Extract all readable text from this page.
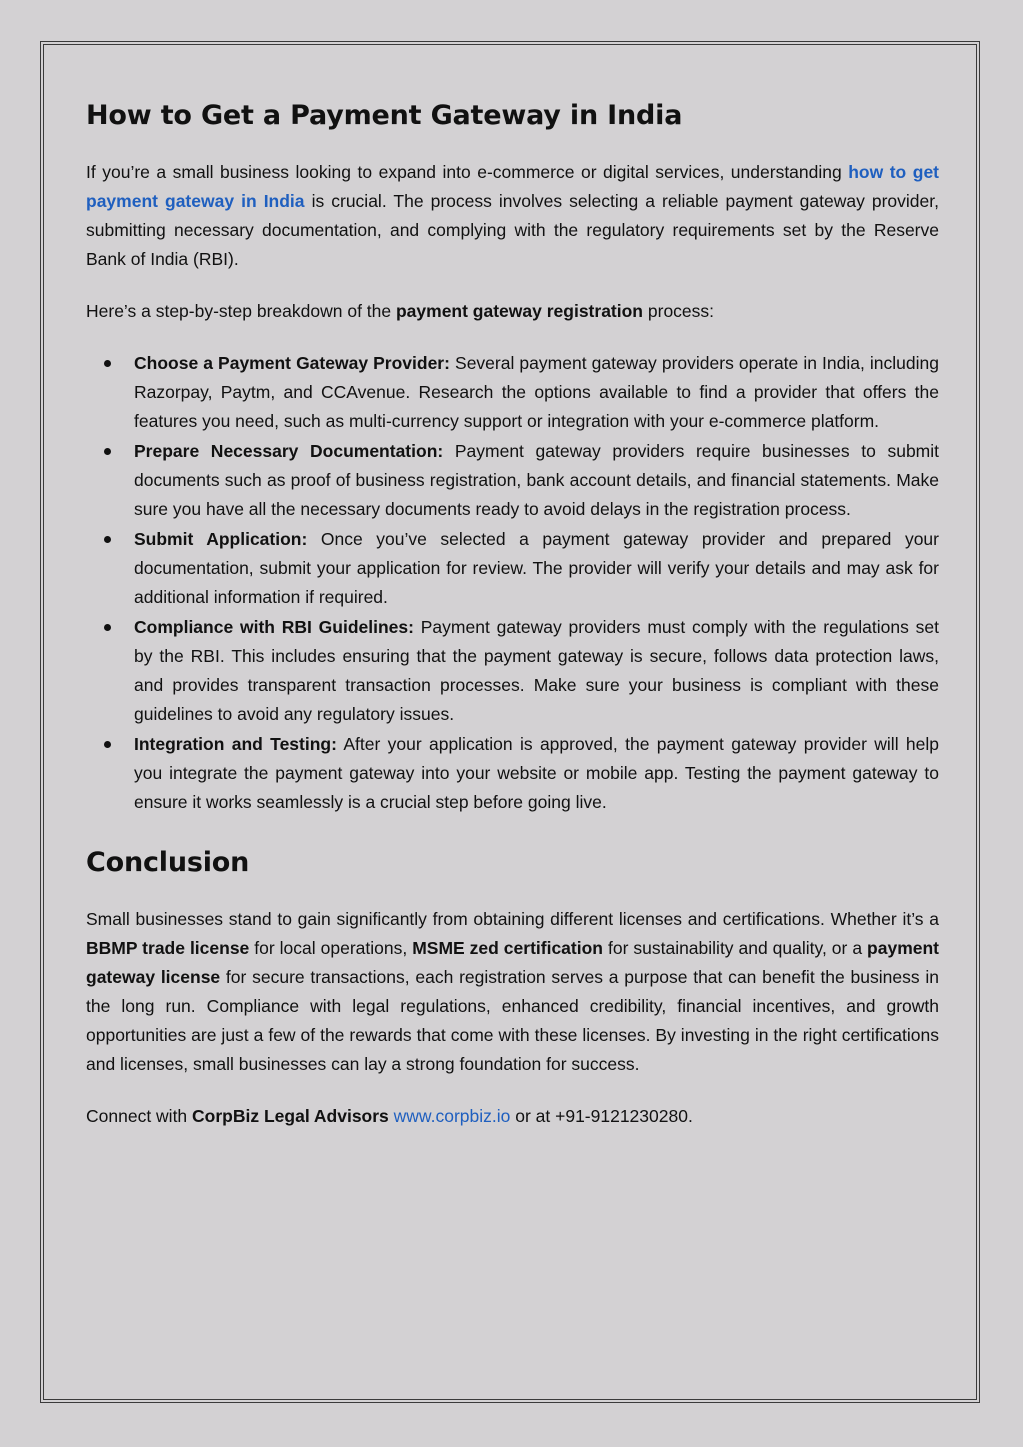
How to Get a Payment Gateway in India

If you’re a small business looking to expand into e-commerce or digital services, understanding how to get payment gateway in India is crucial. The process involves selecting a reliable payment gateway provider, submitting necessary documentation, and complying with the regulatory requirements set by the Reserve Bank of India (RBI).

Here’s a step-by-step breakdown of the payment gateway registration process:

Choose a Payment Gateway Provider: Several payment gateway providers operate in India, including Razorpay, Paytm, and CCAvenue. Research the options available to find a provider that offers the features you need, such as multi-currency support or integration with your e-commerce platform.
Prepare Necessary Documentation: Payment gateway providers require businesses to submit documents such as proof of business registration, bank account details, and financial statements. Make sure you have all the necessary documents ready to avoid delays in the registration process.
Submit Application: Once you’ve selected a payment gateway provider and prepared your documentation, submit your application for review. The provider will verify your details and may ask for additional information if required.
Compliance with RBI Guidelines: Payment gateway providers must comply with the regulations set by the RBI. This includes ensuring that the payment gateway is secure, follows data protection laws, and provides transparent transaction processes. Make sure your business is compliant with these guidelines to avoid any regulatory issues.
Integration and Testing: After your application is approved, the payment gateway provider will help you integrate the payment gateway into your website or mobile app. Testing the payment gateway to ensure it works seamlessly is a crucial step before going live.
Conclusion

Small businesses stand to gain significantly from obtaining different licenses and certifications. Whether it’s a BBMP trade license for local operations, MSME zed certification for sustainability and quality, or a payment gateway license for secure transactions, each registration serves a purpose that can benefit the business in the long run. Compliance with legal regulations, enhanced credibility, financial incentives, and growth opportunities are just a few of the rewards that come with these licenses. By investing in the right certifications and licenses, small businesses can lay a strong foundation for success.

Connect with CorpBiz Legal Advisors www.corpbiz.io or at +91-9121230280.
